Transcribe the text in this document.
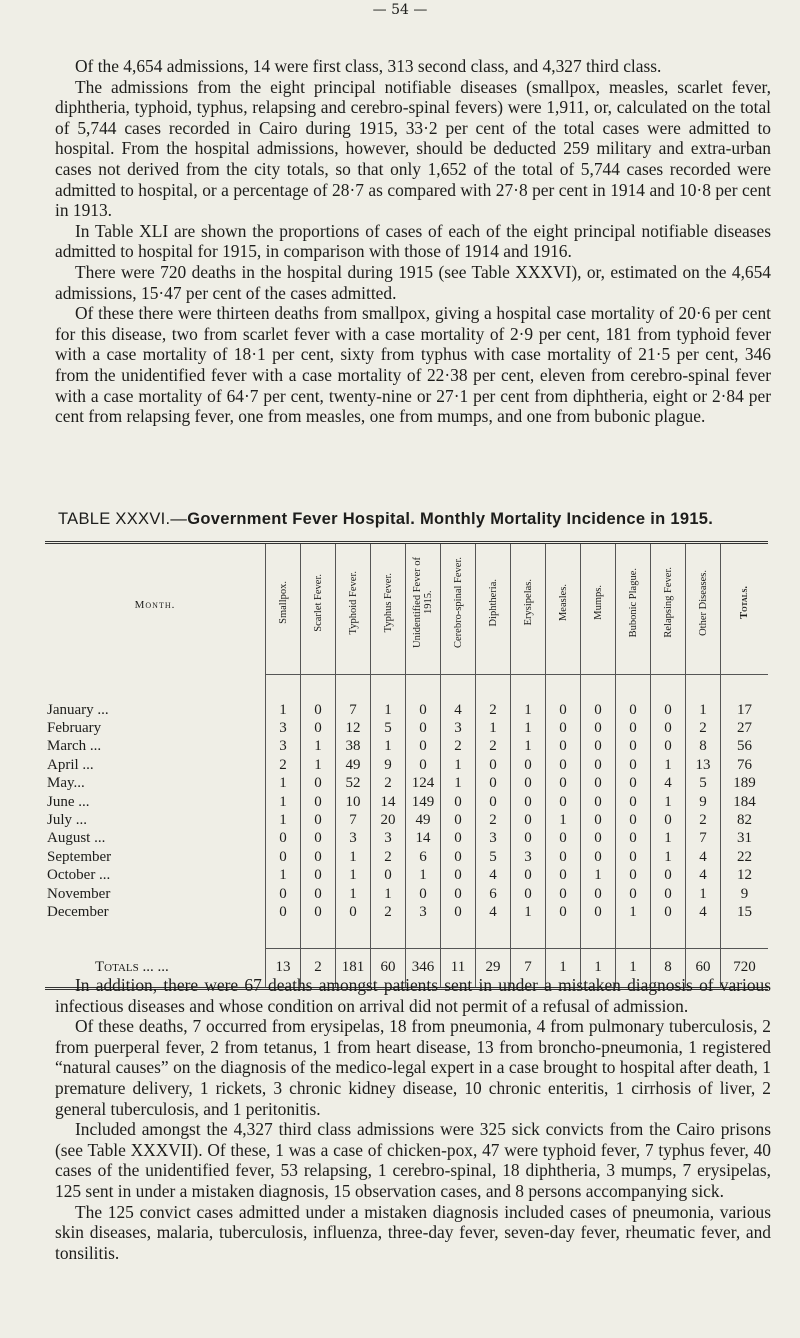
— 54 —

Of the 4,654 admissions, 14 were first class, 313 second class, and 4,327 third class.

The admissions from the eight principal notifiable diseases (smallpox, measles, scarlet fever, diphtheria, typhoid, typhus, relapsing and cerebro-spinal fevers) were 1,911, or, calculated on the total of 5,744 cases recorded in Cairo during 1915, 33·2 per cent of the total cases were admitted to hospital. From the hospital admissions, however, should be deducted 259 military and extra-urban cases not derived from the city totals, so that only 1,652 of the total of 5,744 cases recorded were admitted to hospital, or a percentage of 28·7 as compared with 27·8 per cent in 1914 and 10·8 per cent in 1913.

In Table XLI are shown the proportions of cases of each of the eight principal notifiable diseases admitted to hospital for 1915, in comparison with those of 1914 and 1916.

There were 720 deaths in the hospital during 1915 (see Table XXXVI), or, estimated on the 4,654 admissions, 15·47 per cent of the cases admitted.

Of these there were thirteen deaths from smallpox, giving a hospital case mortality of 20·6 per cent for this disease, two from scarlet fever with a case mortality of 2·9 per cent, 181 from typhoid fever with a case mortality of 18·1 per cent, sixty from typhus with case mortality of 21·5 per cent, 346 from the unidentified fever with a case mortality of 22·38 per cent, eleven from cerebro-spinal fever with a case mortality of 64·7 per cent, twenty-nine or 27·1 per cent from diphtheria, eight or 2·84 per cent from relapsing fever, one from measles, one from mumps, and one from bubonic plague.

TABLE XXXVI.—Government Fever Hospital. Monthly Mortality Incidence in 1915.
Month.	Smallpox.	Scarlet Fever.	Typhoid Fever.	Typhus Fever.	Unidentified Fever of 1915.	Cerebro-spinal Fever.	Diphtheria.	Erysipelas.	Measles.	Mumps.	Bubonic Plague.	Relapsing Fever.	Other Diseases.	Totals.

January ...	1	0	7	1	0	4	2	1	0	0	0	0	1	17
February	3	0	12	5	0	3	1	1	0	0	0	0	2	27
March ...	3	1	38	1	0	2	2	1	0	0	0	0	8	56
April ...	2	1	49	9	0	1	0	0	0	0	0	1	13	76
May...	1	0	52	2	124	1	0	0	0	0	0	4	5	189
June ...	1	0	10	14	149	0	0	0	0	0	0	1	9	184
July ...	1	0	7	20	49	0	2	0	1	0	0	0	2	82
August ...	0	0	3	3	14	0	3	0	0	0	0	1	7	31
September	0	0	1	2	6	0	5	3	0	0	0	1	4	22
October ...	1	0	1	0	1	0	4	0	0	1	0	0	4	12
November	0	0	1	1	0	0	6	0	0	0	0	0	1	9
December	0	0	0	2	3	0	4	1	0	0	1	0	4	15

Totals ... ...	13	2	181	60	346	11	29	7	1	1	1	8	60	720

In addition, there were 67 deaths amongst patients sent in under a mistaken diagnosis of various infectious diseases and whose condition on arrival did not permit of a refusal of admission.

Of these deaths, 7 occurred from erysipelas, 18 from pneumonia, 4 from pulmonary tuberculosis, 2 from puerperal fever, 2 from tetanus, 1 from heart disease, 13 from broncho-pneumonia, 1 registered “natural causes” on the diagnosis of the medico-legal expert in a case brought to hospital after death, 1 premature delivery, 1 rickets, 3 chronic kidney disease, 10 chronic enteritis, 1 cirrhosis of liver, 2 general tuberculosis, and 1 peritonitis.

Included amongst the 4,327 third class admissions were 325 sick convicts from the Cairo prisons (see Table XXXVII). Of these, 1 was a case of chicken-pox, 47 were typhoid fever, 7 typhus fever, 40 cases of the unidentified fever, 53 relapsing, 1 cerebro-spinal, 18 diphtheria, 3 mumps, 7 erysipelas, 125 sent in under a mistaken diagnosis, 15 observation cases, and 8 persons accompanying sick.

The 125 convict cases admitted under a mistaken diagnosis included cases of pneumonia, various skin diseases, malaria, tuberculosis, influenza, three-day fever, seven-day fever, rheumatic fever, and tonsilitis.
